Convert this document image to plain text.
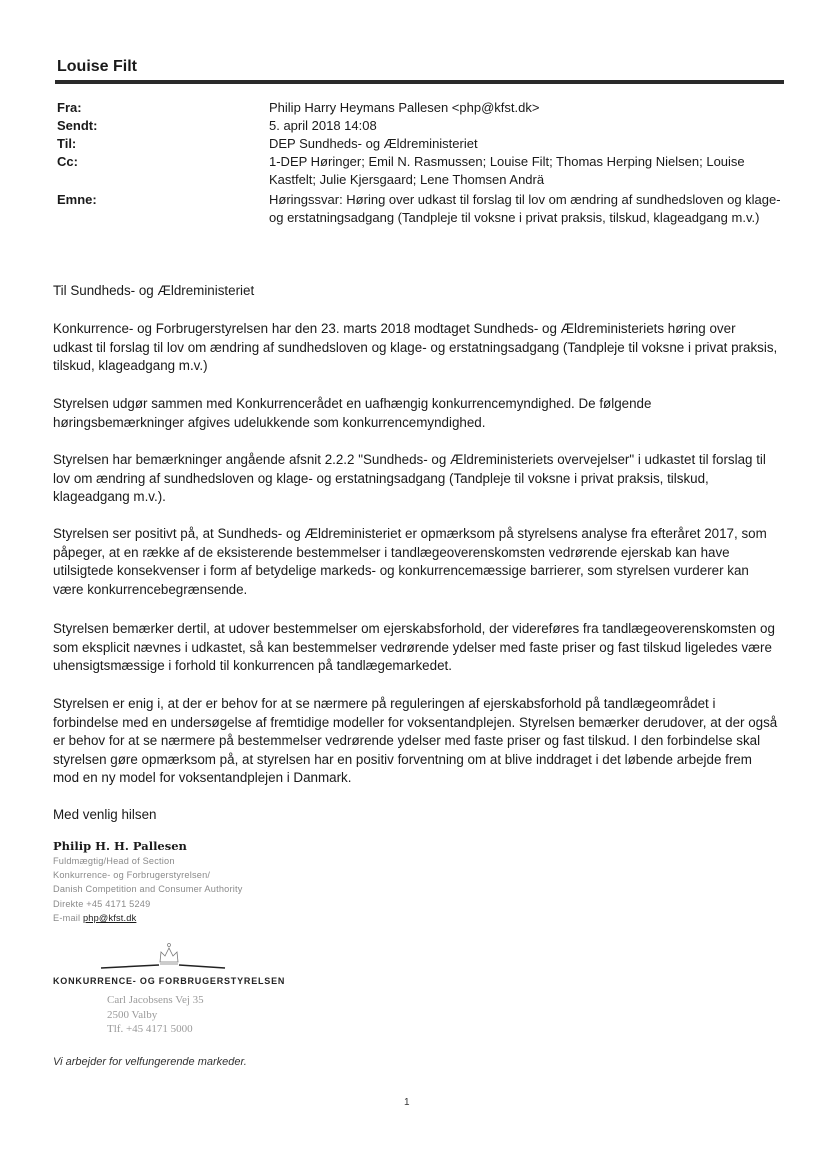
Louise Filt
Fra:	Philip Harry Heymans Pallesen <php@kfst.dk>
Sendt:	5. april 2018 14:08
Til:	DEP Sundheds- og Ældreministeriet
Cc:	1-DEP Høringer; Emil N. Rasmussen; Louise Filt; Thomas Herping Nielsen; Louise Kastfelt; Julie Kjersgaard; Lene Thomsen Andrä
Emne:	Høringssvar: Høring over udkast til forslag til lov om ændring af sundhedsloven og klage- og erstatningsadgang (Tandpleje til voksne i privat praksis, tilskud, klageadgang m.v.)
Til Sundheds- og Ældreministeriet
Konkurrence- og Forbrugerstyrelsen har den 23. marts 2018 modtaget Sundheds- og Ældreministeriets høring over udkast til forslag til lov om ændring af sundhedsloven og klage- og erstatningsadgang (Tandpleje til voksne i privat praksis, tilskud, klageadgang m.v.)
Styrelsen udgør sammen med Konkurrencerådet en uafhængig konkurrencemyndighed. De følgende høringsbemærkninger afgives udelukkende som konkurrencemyndighed.
Styrelsen har bemærkninger angående afsnit 2.2.2 "Sundheds- og Ældreministeriets overvejelser" i udkastet til forslag til lov om ændring af sundhedsloven og klage- og erstatningsadgang (Tandpleje til voksne i privat praksis, tilskud, klageadgang m.v.).
Styrelsen ser positivt på, at Sundheds- og Ældreministeriet er opmærksom på styrelsens analyse fra efteråret 2017, som påpeger, at en række af de eksisterende bestemmelser i tandlægeoverenskomsten vedrørende ejerskab kan have utilsigtede konsekvenser i form af betydelige markeds- og konkurrencemæssige barrierer, som styrelsen vurderer kan være konkurrencebegrænsende.
Styrelsen bemærker dertil, at udover bestemmelser om ejerskabsforhold, der videreføres fra tandlægeoverenskomsten og som eksplicit nævnes i udkastet, så kan bestemmelser vedrørende ydelser med faste priser og fast tilskud ligeledes være uhensigtsmæssige i forhold til konkurrencen på tandlægemarkedet.
Styrelsen er enig i, at der er behov for at se nærmere på reguleringen af ejerskabsforhold på tandlægeområdet i forbindelse med en undersøgelse af fremtidige modeller for voksentandplejen. Styrelsen bemærker derudover, at der også er behov for at se nærmere på bestemmelser vedrørende ydelser med faste priser og fast tilskud. I den forbindelse skal styrelsen gøre opmærksom på, at styrelsen har en positiv forventning om at blive inddraget i det løbende arbejde frem mod en ny model for voksentandplejen i Danmark.
Med venlig hilsen
Philip H. H. Pallesen
Fuldmægtig/Head of Section
Konkurrence- og Forbrugerstyrelsen/
Danish Competition and Consumer Authority
Direkte +45 4171 5249
E-mail php@kfst.dk
KONKURRENCE- OG FORBRUGERSTYRELSEN
Carl Jacobsens Vej 35
2500 Valby
Tlf. +45 4171 5000
Vi arbejder for velfungerende markeder.
1
